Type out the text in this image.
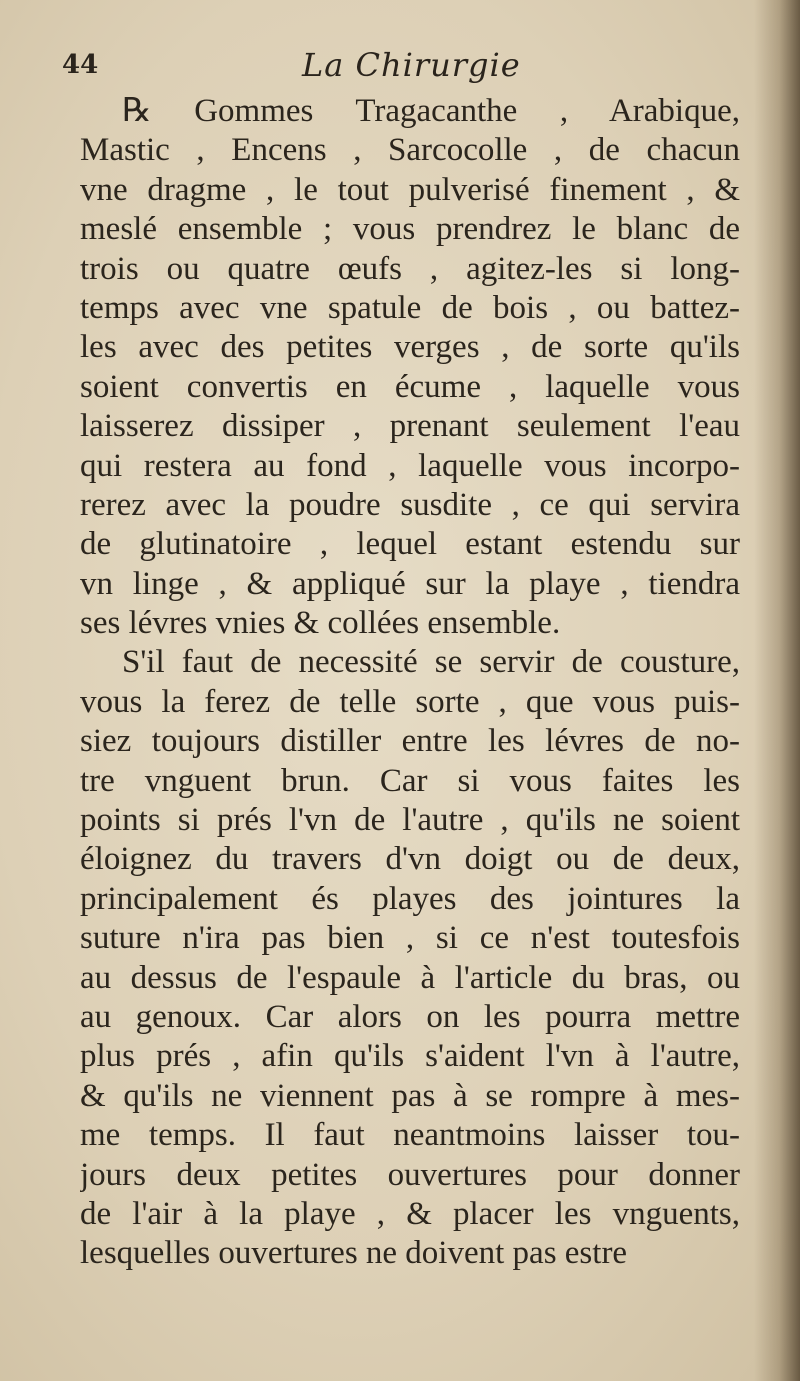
44	La Chirurgie
℞ Gommes Tragacanthe , Arabique,
Mastic , Encens , Sarcocolle , de chacun
vne dragme , le tout pulverisé finement , &
meslé ensemble ; vous prendrez le blanc de
trois ou quatre œufs , agitez-les si long-
temps avec vne spatule de bois , ou battez-
les avec des petites verges , de sorte qu'ils
soient convertis en écume , laquelle vous
laisserez dissiper , prenant seulement l'eau
qui restera au fond , laquelle vous incorpo-
rerez avec la poudre susdite , ce qui servira
de glutinatoire , lequel estant estendu sur
vn linge , & appliqué sur la playe , tiendra
ses lévres vnies & collées ensemble.
S'il faut de necessité se servir de cousture,
vous la ferez de telle sorte , que vous puis-
siez toujours distiller entre les lévres de no-
tre vnguent brun. Car si vous faites les
points si prés l'vn de l'autre , qu'ils ne soient
éloignez du travers d'vn doigt ou de deux,
principalement és playes des jointures la
suture n'ira pas bien , si ce n'est toutesfois
au dessus de l'espaule à l'article du bras, ou
au genoux. Car alors on les pourra mettre
plus prés , afin qu'ils s'aident l'vn à l'autre,
& qu'ils ne viennent pas à se rompre à mes-
me temps. Il faut neantmoins laisser tou-
jours deux petites ouvertures pour donner
de l'air à la playe , & placer les vnguents,
lesquelles ouvertures ne doivent pas estre
